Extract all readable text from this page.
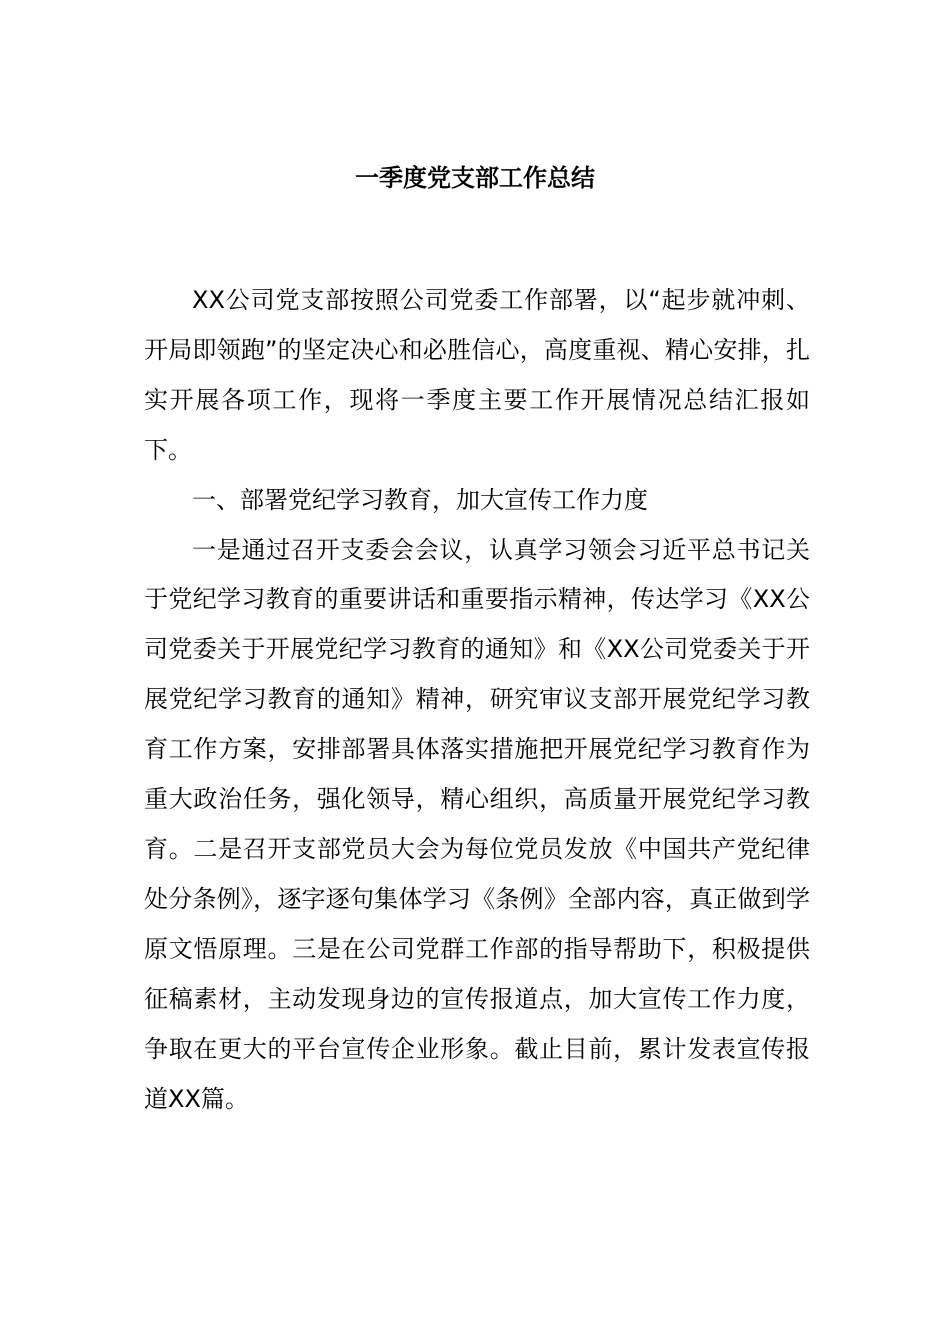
一季度党支部工作总结

XX公司党支部按照公司党委工作部署，以“起步就冲刺、开局即领跑”的坚定决心和必胜信心，高度重视、精心安排，扎实开展各项工作，现将一季度主要工作开展情况总结汇报如下。

一、部署党纪学习教育，加大宣传工作力度

一是通过召开支委会会议，认真学习领会习近平总书记关于党纪学习教育的重要讲话和重要指示精神，传达学习《XX公司党委关于开展党纪学习教育的通知》和《XX公司党委关于开展党纪学习教育的通知》精神，研究审议支部开展党纪学习教育工作方案，安排部署具体落实措施把开展党纪学习教育作为重大政治任务，强化领导，精心组织，高质量开展党纪学习教育。二是召开支部党员大会为每位党员发放《中国共产党纪律处分条例》，逐字逐句集体学习《条例》全部内容，真正做到学原文悟原理。三是在公司党群工作部的指导帮助下，积极提供征稿素材，主动发现身边的宣传报道点，加大宣传工作力度，争取在更大的平台宣传企业形象。截止目前，累计发表宣传报道XX篇。
